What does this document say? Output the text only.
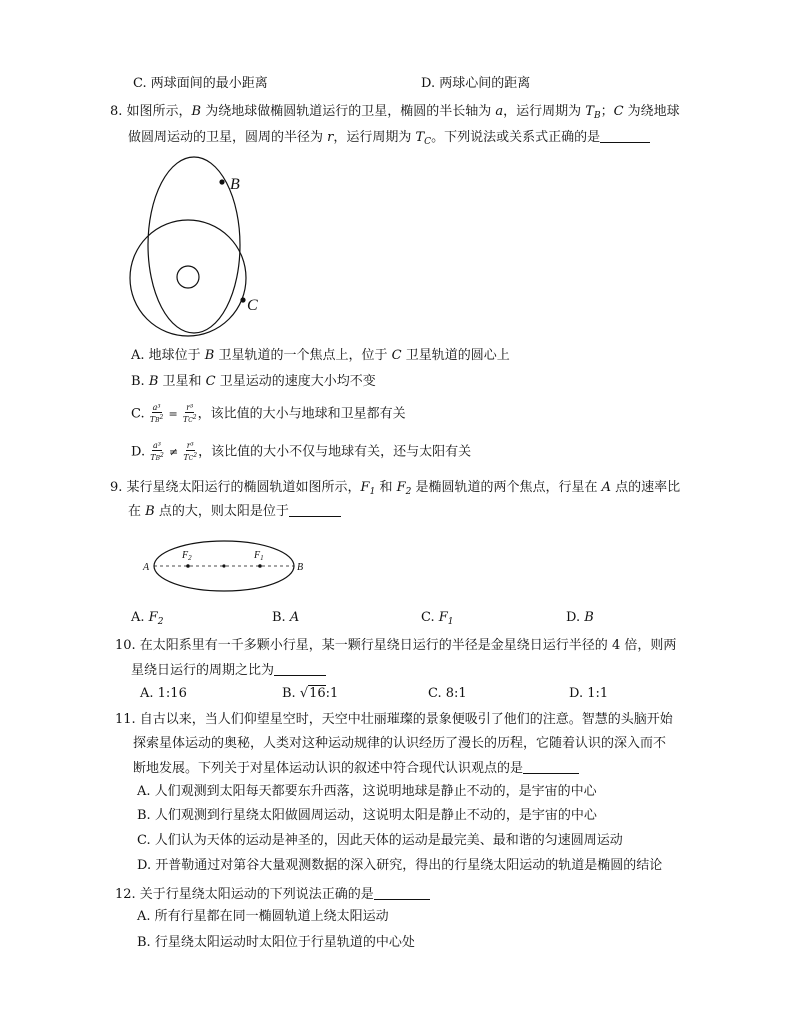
C. 两球面间的最小距离	D. 两球心间的距离
8. 如图所示，B 为绕地球做椭圆轨道运行的卫星，椭圆的半长轴为 a，运行周期为 $T_B$；C 为绕地球
做圆周运动的卫星，圆周的半径为 r，运行周期为 $T_C$。下列说法或关系式正确的是
B
C
A. 地球位于 B 卫星轨道的一个焦点上，位于 C 卫星轨道的圆心上
B. B 卫星和 C 卫星运动的速度大小均不变
C. $\frac{\text{a³}}{TB^2} = \frac{\text{r³}}{TC^2}$ ，该比值的大小与地球和卫星都有关
D. $\frac{\text{a³}}{TB^2} \ne \frac{\text{r³}}{TC^2}$ ，该比值的大小不仅与地球有关，还与太阳有关
9. 某行星绕太阳运行的椭圆轨道如图所示，$F_1$ 和 $F_2$ 是椭圆轨道的两个焦点，行星在 A 点的速率比
在 B 点的大，则太阳是位于
A	B
$F_2$	$F_1$
A. $F_2$	B. A	C. $F_1$	D. B
10. 在太阳系里有一千多颗小行星，某一颗行星绕日运行的半径是金星绕日运行半径的 4 倍，则两
星绕日运行的周期之比为
A. 1:16	B. √16:1	C. 8:1	D. 1:1
11. 自古以来，当人们仰望星空时，天空中壮丽璀璨的景象便吸引了他们的注意。智慧的头脑开始
探索星体运动的奥秘，人类对这种运动规律的认识经历了漫长的历程，它随着认识的深入而不
断地发展。下列关于对星体运动认识的叙述中符合现代认识观点的是
A. 人们观测到太阳每天都要东升西落，这说明地球是静止不动的，是宇宙的中心
B. 人们观测到行星绕太阳做圆周运动，这说明太阳是静止不动的，是宇宙的中心
C. 人们认为天体的运动是神圣的，因此天体的运动是最完美、最和谐的匀速圆周运动
D. 开普勒通过对第谷大量观测数据的深入研究，得出的行星绕太阳运动的轨道是椭圆的结论
12. 关于行星绕太阳运动的下列说法正确的是
A. 所有行星都在同一椭圆轨道上绕太阳运动
B. 行星绕太阳运动时太阳位于行星轨道的中心处
